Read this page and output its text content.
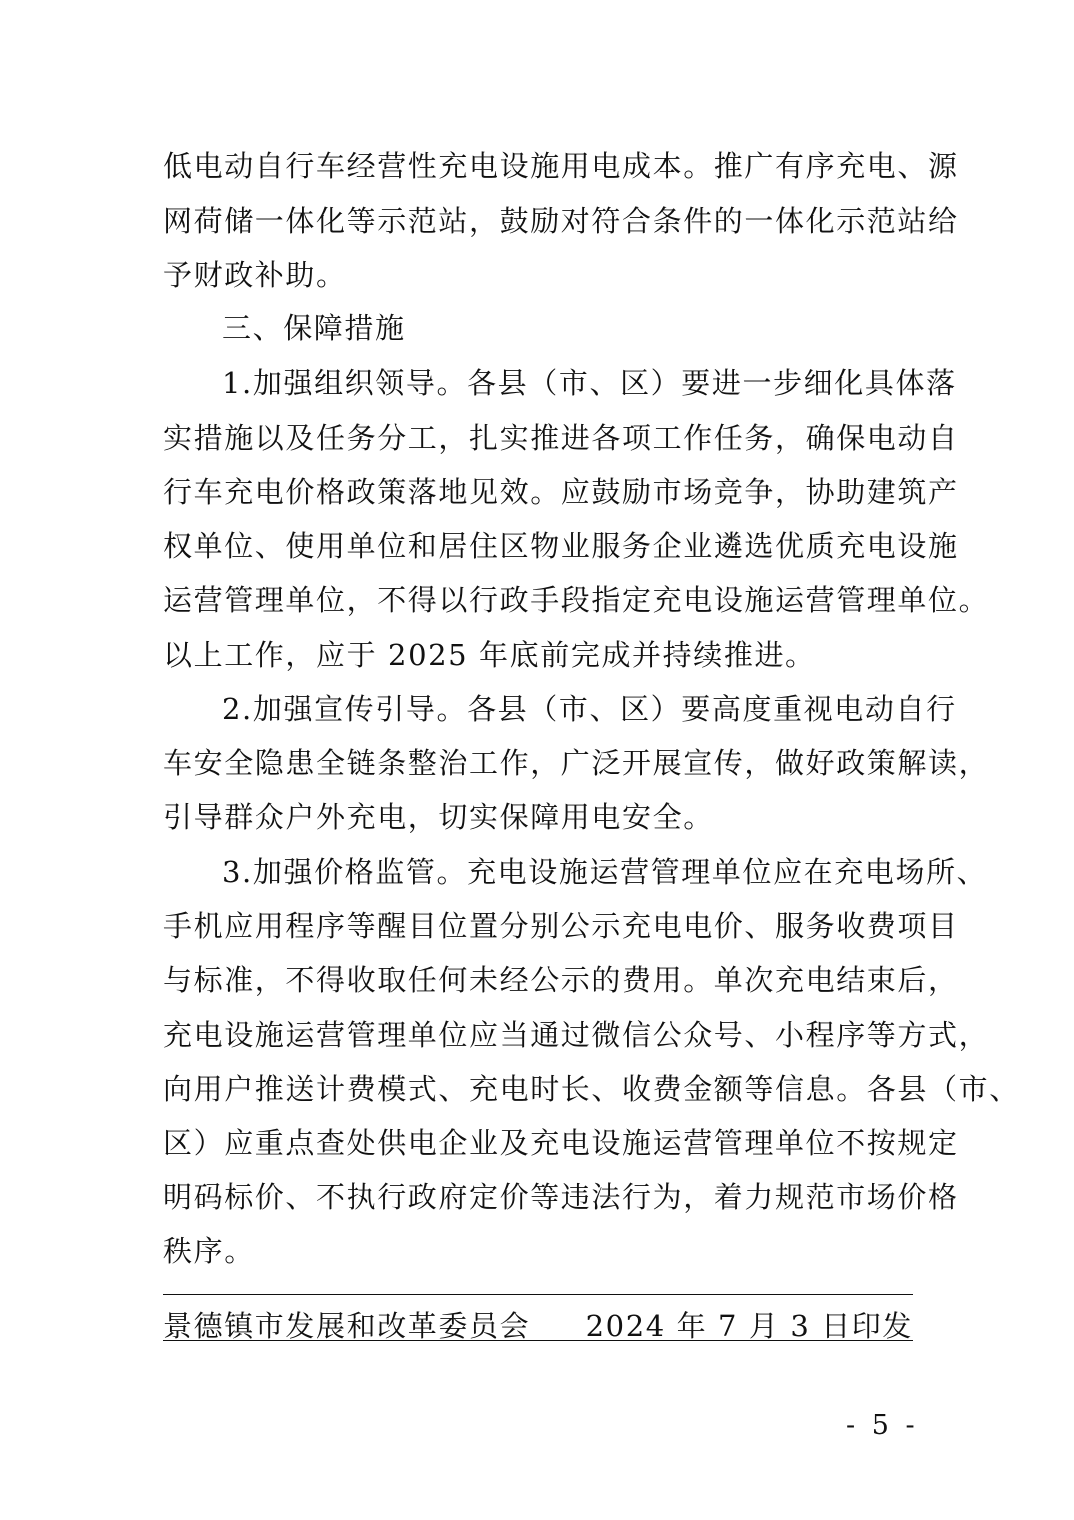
低电动自行车经营性充电设施用电成本。推广有序充电、源
网荷储一体化等示范站，鼓励对符合条件的一体化示范站给
予财政补助。
三、保障措施
1.加强组织领导。各县（市、区）要进一步细化具体落
实措施以及任务分工，扎实推进各项工作任务，确保电动自
行车充电价格政策落地见效。应鼓励市场竞争，协助建筑产
权单位、使用单位和居住区物业服务企业遴选优质充电设施
运营管理单位，不得以行政手段指定充电设施运营管理单位。
以上工作，应于 2025 年底前完成并持续推进。
2.加强宣传引导。各县（市、区）要高度重视电动自行
车安全隐患全链条整治工作，广泛开展宣传，做好政策解读，
引导群众户外充电，切实保障用电安全。
3.加强价格监管。充电设施运营管理单位应在充电场所、
手机应用程序等醒目位置分别公示充电电价、服务收费项目
与标准，不得收取任何未经公示的费用。单次充电结束后，
充电设施运营管理单位应当通过微信公众号、小程序等方式，
向用户推送计费模式、充电时长、收费金额等信息。各县（市、
区）应重点查处供电企业及充电设施运营管理单位不按规定
明码标价、不执行政府定价等违法行为，着力规范市场价格
秩序。
景德镇市发展和改革委员会 2024 年 7 月 3 日印发
- 5 -
